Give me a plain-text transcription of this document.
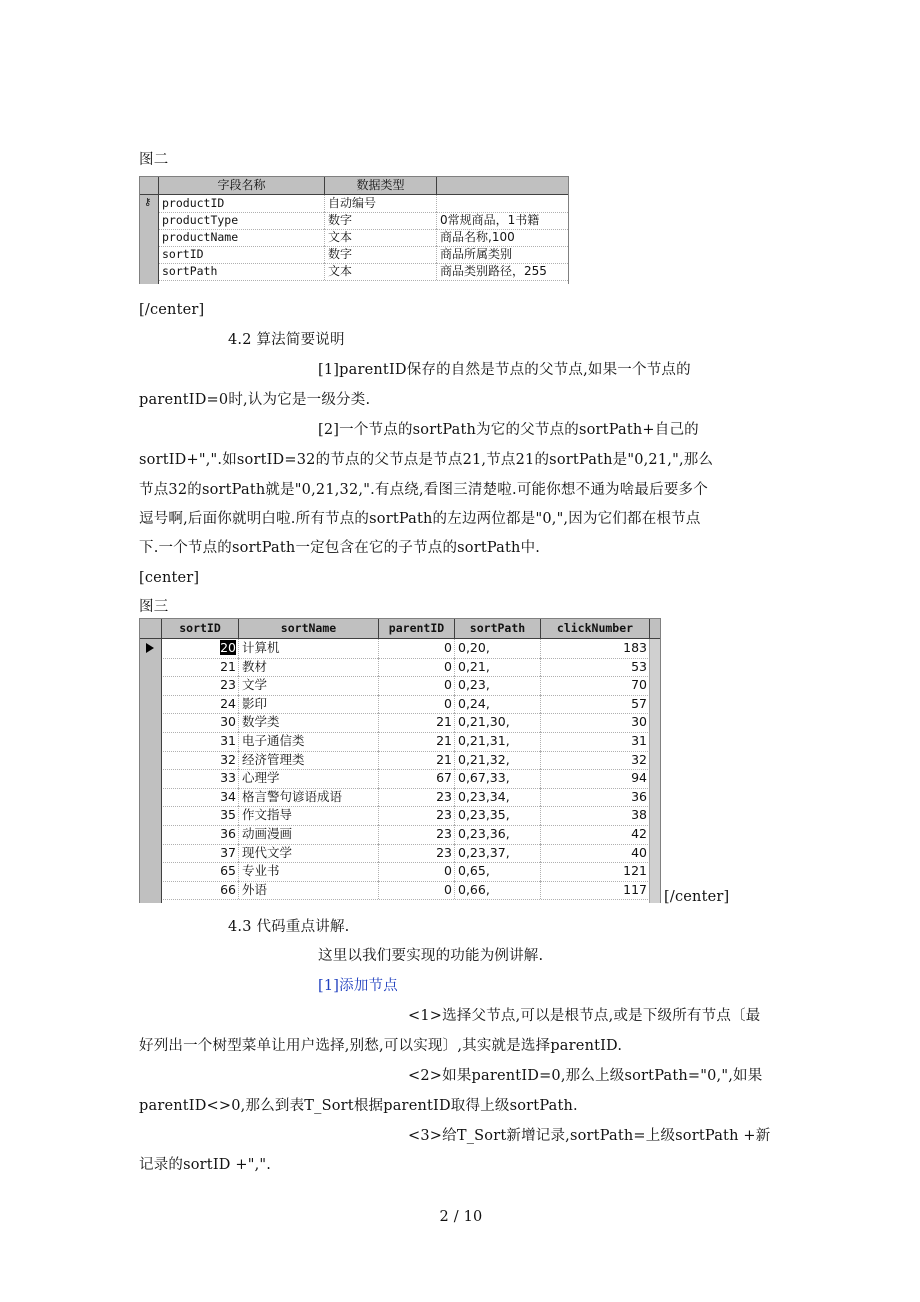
图二
字段名称	数据类型
⚷ productID	自动编号
productType	数字	0常规商品，1书籍
productName	文本	商品名称,100
sortID	数字	商品所属类别
sortPath	文本	商品类别路径，255
[/center]
4.2 算法简要说明
[1]parentID保存的自然是节点的父节点,如果一个节点的
parentID=0时,认为它是一级分类.
[2]一个节点的sortPath为它的父节点的sortPath+自己的
sortID+",".如sortID=32的节点的父节点是节点21,节点21的sortPath是"0,21,",那么
节点32的sortPath就是"0,21,32,".有点绕,看图三清楚啦.可能你想不通为啥最后要多个
逗号啊,后面你就明白啦.所有节点的sortPath的左边两位都是"0,",因为它们都在根节点
下.一个节点的sortPath一定包含在它的子节点的sortPath中.
[center]
图三
sortID	sortName	parentID	sortPath	clickNumber
20 计算机	0 0,20,	183
21 教材	0 0,21,	53
23 文学	0 0,23,	70
24 影印	0 0,24,	57
30 数学类	21 0,21,30,	30
31 电子通信类	21 0,21,31,	31
32 经济管理类	21 0,21,32,	32
33 心理学	67 0,67,33,	94
34 格言警句谚语成语	23 0,23,34,	36
35 作文指导	23 0,23,35,	38
36 动画漫画	23 0,23,36,	42
37 现代文学	23 0,23,37,	40
65 专业书	0 0,65,	121
66 外语	0 0,66,	117 [/center]
4.3 代码重点讲解.
这里以我们要实现的功能为例讲解.
[1]添加节点
<1>选择父节点,可以是根节点,或是下级所有节点〔最
好列出一个树型菜单让用户选择,别愁,可以实现〕,其实就是选择parentID.
<2>如果parentID=0,那么上级sortPath="0,",如果
parentID<>0,那么到表T_Sort根据parentID取得上级sortPath.
<3>给T_Sort新增记录,sortPath=上级sortPath +新
记录的sortID +",".
2 / 10
